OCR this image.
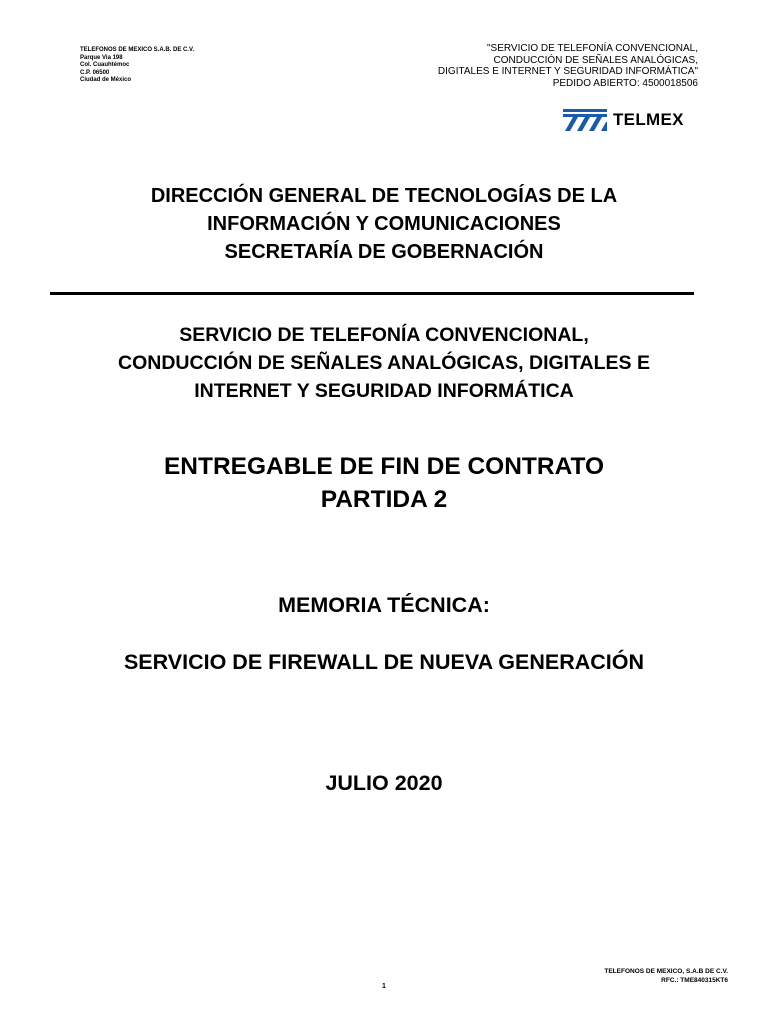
TELEFONOS DE MEXICO S.A.B. DE C.V.
Parque Via 198
Col. Cuauhtémoc
C.P. 06500
Ciudad de México
"SERVICIO DE TELEFONÍA CONVENCIONAL,
CONDUCCIÓN DE SEÑALES ANALÓGICAS,
DIGITALES E INTERNET Y SEGURIDAD INFORMÁTICA"
PEDIDO ABIERTO: 4500018506
TELMEX
DIRECCIÓN GENERAL DE TECNOLOGÍAS DE LA
INFORMACIÓN Y COMUNICACIONES
SECRETARÍA DE GOBERNACIÓN
SERVICIO DE TELEFONÍA CONVENCIONAL,
CONDUCCIÓN DE SEÑALES ANALÓGICAS, DIGITALES E
INTERNET Y SEGURIDAD INFORMÁTICA
ENTREGABLE DE FIN DE CONTRATO
PARTIDA 2
MEMORIA TÉCNICA:
SERVICIO DE FIREWALL DE NUEVA GENERACIÓN
JULIO 2020
TELEFONOS DE MEXICO, S.A.B DE C.V.
RFC.: TME840315KT6
1
